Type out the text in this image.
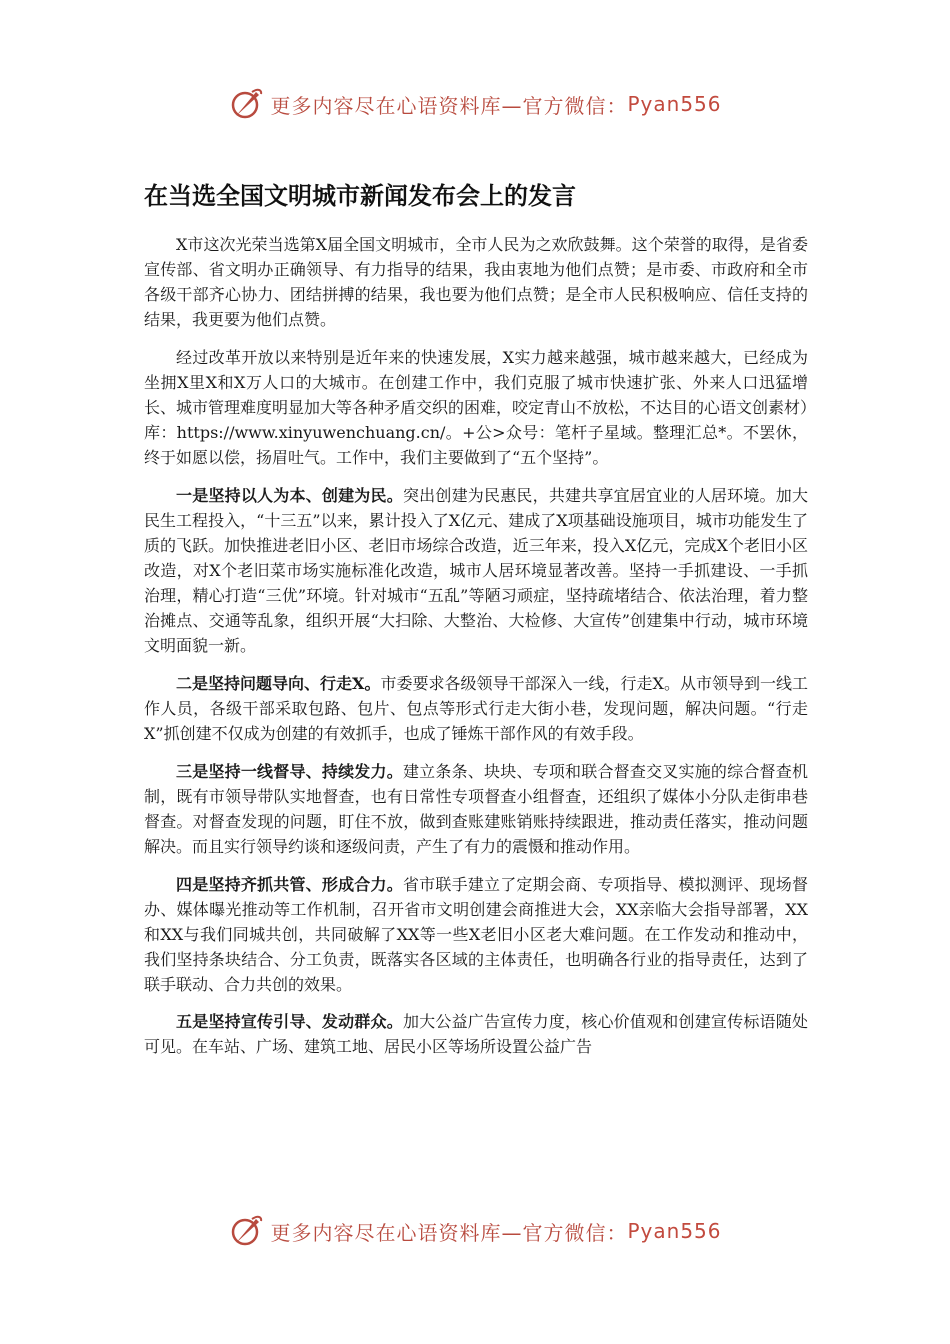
更多内容尽在心语资料库—官方微信： Pyan556
在当选全国文明城市新闻发布会上的发言

X市这次光荣当选第X届全国文明城市，全市人民为之欢欣鼓舞。这个荣誉的取得，是省委宣传部、省文明办正确领导、有力指导的结果，我由衷地为他们点赞；是市委、市政府和全市各级干部齐心协力、团结拼搏的结果，我也要为他们点赞；是全市人民积极响应、信任支持的结果，我更要为他们点赞。

经过改革开放以来特别是近年来的快速发展，X实力越来越强，城市越来越大，已经成为坐拥X里X和X万人口的大城市。在创建工作中，我们克服了城市快速扩张、外来人口迅猛增长、城市管理难度明显加大等各种矛盾交织的困难，咬定青山不放松，不达目的心语文创素材）库：https://www.xinyuwenchuang.cn/。+公>众号：笔杆子星域。整理汇总*。不罢休，终于如愿以偿，扬眉吐气。工作中，我们主要做到了“五个坚持”。

一是坚持以人为本、创建为民。突出创建为民惠民，共建共享宜居宜业的人居环境。加大民生工程投入，“十三五”以来，累计投入了X亿元、建成了X项基础设施项目，城市功能发生了质的飞跃。加快推进老旧小区、老旧市场综合改造，近三年来，投入X亿元，完成X个老旧小区改造，对X个老旧菜市场实施标准化改造，城市人居环境显著改善。坚持一手抓建设、一手抓治理，精心打造“三优”环境。针对城市“五乱”等陋习顽症，坚持疏堵结合、依法治理，着力整治摊点、交通等乱象，组织开展“大扫除、大整治、大检修、大宣传”创建集中行动，城市环境文明面貌一新。

二是坚持问题导向、行走X。市委要求各级领导干部深入一线，行走X。从市领导到一线工作人员，各级干部采取包路、包片、包点等形式行走大街小巷，发现问题，解决问题。“行走X”抓创建不仅成为创建的有效抓手，也成了锤炼干部作风的有效手段。

三是坚持一线督导、持续发力。建立条条、块块、专项和联合督查交叉实施的综合督查机制，既有市领导带队实地督查，也有日常性专项督查小组督查，还组织了媒体小分队走街串巷督查。对督查发现的问题，盯住不放，做到查账建账销账持续跟进，推动责任落实，推动问题解决。而且实行领导约谈和逐级问责，产生了有力的震慑和推动作用。

四是坚持齐抓共管、形成合力。省市联手建立了定期会商、专项指导、模拟测评、现场督办、媒体曝光推动等工作机制，召开省市文明创建会商推进大会，XX亲临大会指导部署，XX和XX与我们同城共创，共同破解了XX等一些X老旧小区老大难问题。在工作发动和推动中，我们坚持条块结合、分工负责，既落实各区域的主体责任，也明确各行业的指导责任，达到了联手联动、合力共创的效果。

五是坚持宣传引导、发动群众。加大公益广告宣传力度，核心价值观和创建宣传标语随处可见。在车站、广场、建筑工地、居民小区等场所设置公益广告

更多内容尽在心语资料库—官方微信： Pyan556
